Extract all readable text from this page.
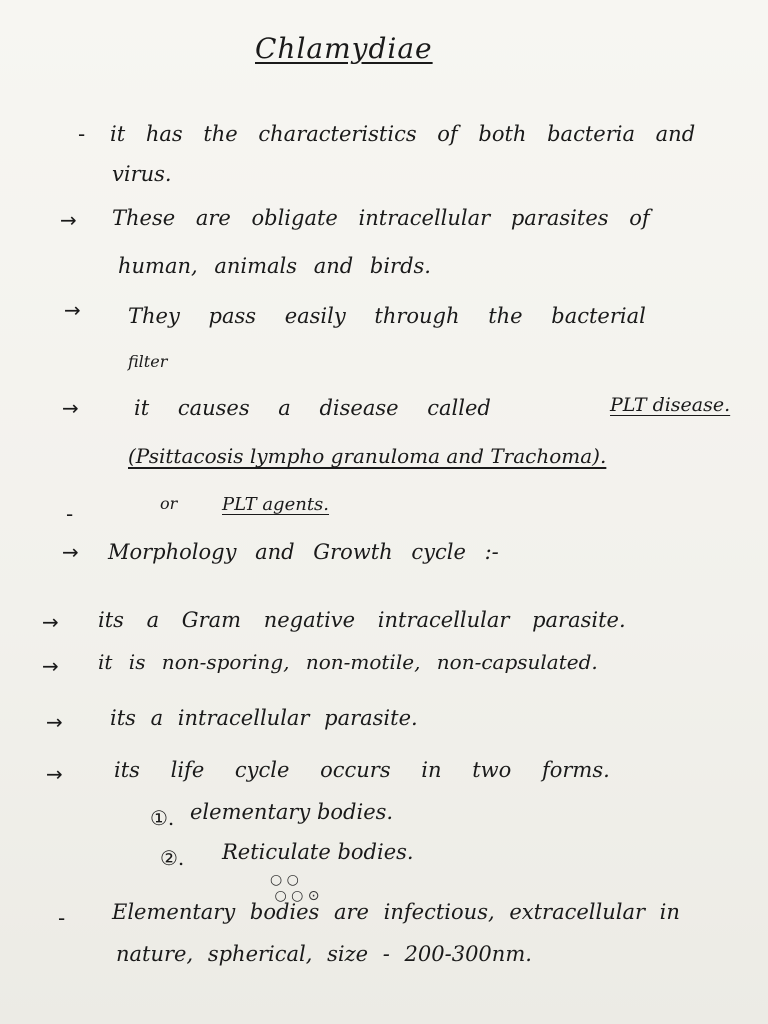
Chlamydiae
- it has the characteristics of both bacteria and
virus.
→ These are obligate intracellular parasites of
human, animals and birds.
→ They pass easily through the bacterial
filter
→	it causes a disease called	PLT disease.
(Psittacosis lympho granuloma and Trachoma).
-	or PLT agents.
→ Morphology and Growth cycle :-
→ its a Gram negative intracellular parasite.
→ it is non-sporing, non-motile, non-capsulated.
→ its a intracellular parasite.
→ its life cycle occurs in two forms.
①. elementary bodies.
②. Reticulate bodies.
○ ○
○ ○ ⊙
- Elementary bodies are infectious, extracellular in
nature, spherical, size - 200-300nm.
